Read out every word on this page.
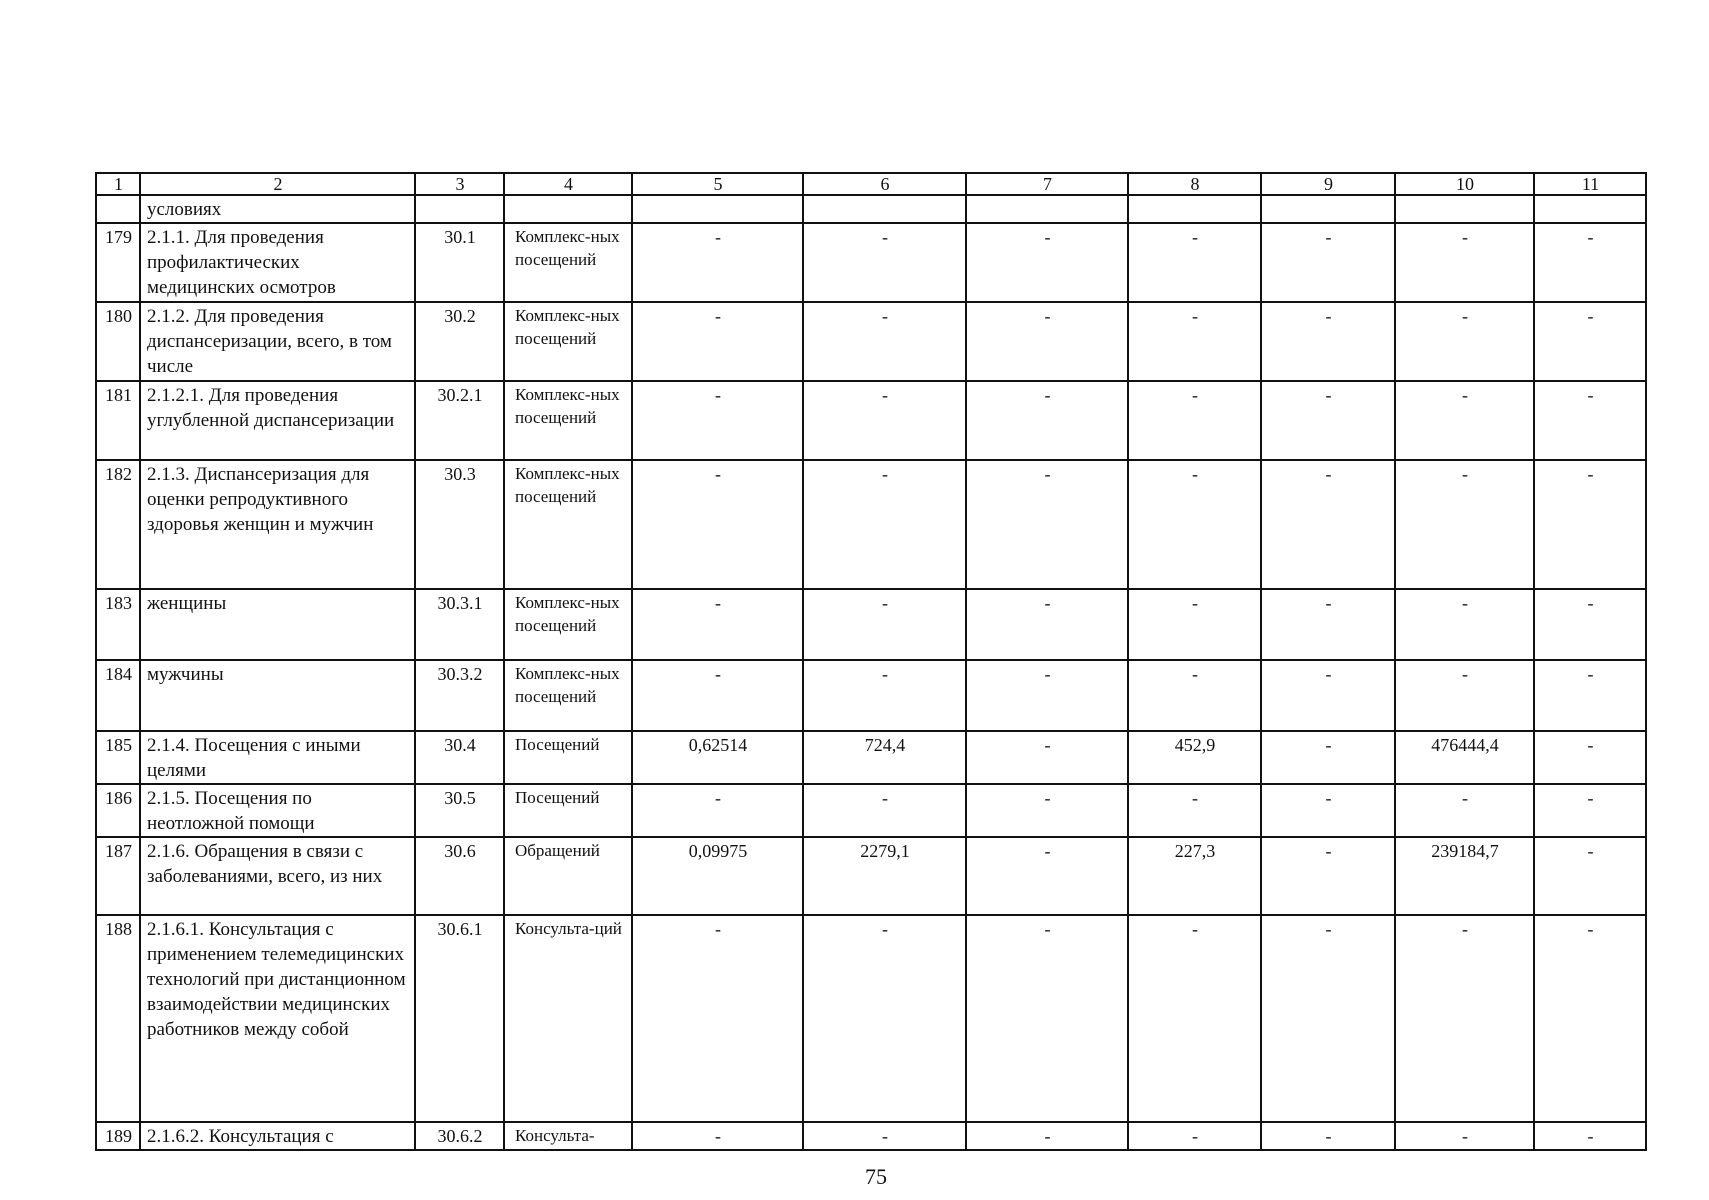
1	2	3	4	5	6	7	8	9	10	11
	условиях									
179	2.1.1. Для проведения профилактических медицинских осмотров	30.1	Комплекс-ных посещений	-	-	-	-	-	-	-
180	2.1.2. Для проведения диспансеризации, всего, в том числе	30.2	Комплекс-ных посещений	-	-	-	-	-	-	-
181	2.1.2.1. Для проведения углубленной диспансеризации	30.2.1	Комплекс-ных посещений	-	-	-	-	-	-	-
182	2.1.3. Диспансеризация для оценки репродуктивного здоровья женщин и мужчин	30.3	Комплекс-ных посещений	-	-	-	-	-	-	-
183	женщины	30.3.1	Комплекс-ных посещений	-	-	-	-	-	-	-
184	мужчины	30.3.2	Комплекс-ных посещений	-	-	-	-	-	-	-
185	2.1.4. Посещения с иными целями	30.4	Посещений	0,62514	724,4	-	452,9	-	476444,4	-
186	2.1.5. Посещения по неотложной помощи	30.5	Посещений	-	-	-	-	-	-	-
187	2.1.6. Обращения в связи с заболеваниями, всего, из них	30.6	Обращений	0,09975	2279,1	-	227,3	-	239184,7	-
188	2.1.6.1. Консультация с применением телемедицинских технологий при дистанционном взаимодействии медицинских работников между собой	30.6.1	Консульта-ций	-	-	-	-	-	-	-
189	2.1.6.2. Консультация с	30.6.2	Консульта-	-	-	-	-	-	-	-
75
